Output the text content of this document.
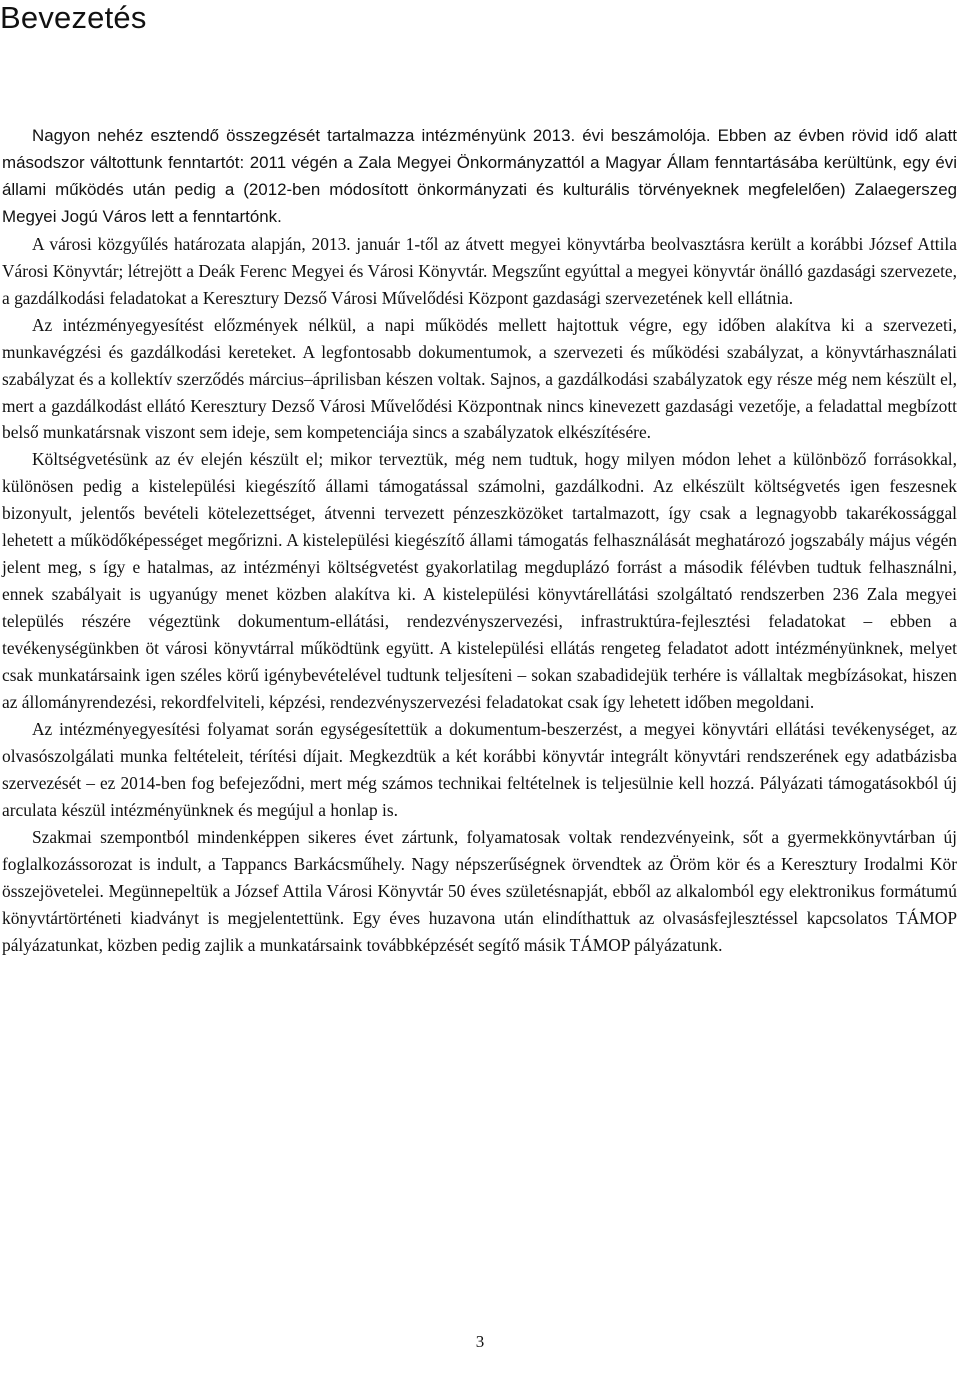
Bevezetés

Nagyon nehéz esztendő összegzését tartalmazza intézményünk 2013. évi beszámolója. Ebben az évben rövid idő alatt másodszor váltottunk fenntartót: 2011 végén a Zala Megyei Önkormányzattól a Magyar Állam fenntartásába kerültünk, egy évi állami működés után pedig a (2012-ben módosított önkormányzati és kulturális törvényeknek megfelelően) Zalaegerszeg Megyei Jogú Város lett a fenntartónk.

A városi közgyűlés határozata alapján, 2013. január 1-től az átvett megyei könyvtárba beolvasztásra került a korábbi József Attila Városi Könyvtár; létrejött a Deák Ferenc Megyei és Városi Könyvtár. Megszűnt egyúttal a megyei könyvtár önálló gazdasági szervezete, a gazdálkodási feladatokat a Keresztury Dezső Városi Művelődési Központ gazdasági szervezetének kell ellátnia.

Az intézményegyesítést előzmények nélkül, a napi működés mellett hajtottuk végre, egy időben alakítva ki a szervezeti, munkavégzési és gazdálkodási kereteket. A legfontosabb dokumentumok, a szervezeti és működési szabályzat, a könyvtárhasználati szabályzat és a kollektív szerződés március–áprilisban készen voltak. Sajnos, a gazdálkodási szabályzatok egy része még nem készült el, mert a gazdálkodást ellátó Keresztury Dezső Városi Művelődési Központnak nincs kinevezett gazdasági vezetője, a feladattal megbízott belső munkatársnak viszont sem ideje, sem kompetenciája sincs a szabályzatok elkészítésére.

Költségvetésünk az év elején készült el; mikor terveztük, még nem tudtuk, hogy milyen módon lehet a különböző forrásokkal, különösen pedig a kistelepülési kiegészítő állami támogatással számolni, gazdálkodni. Az elkészült költségvetés igen feszesnek bizonyult, jelentős bevételi kötelezettséget, átvenni tervezett pénzeszközöket tartalmazott, így csak a legnagyobb takarékossággal lehetett a működőképességet megőrizni. A kistelepülési kiegészítő állami támogatás felhasználását meghatározó jogszabály május végén jelent meg, s így e hatalmas, az intézményi költségvetést gyakorlatilag megduplázó forrást a második félévben tudtuk felhasználni, ennek szabályait is ugyanúgy menet közben alakítva ki. A kistelepülési könyvtárellátási szolgáltató rendszerben 236 Zala megyei település részére végeztünk dokumentum-ellátási, rendezvényszervezési, infrastruktúra-fejlesztési feladatokat – ebben a tevékenységünkben öt városi könyvtárral működtünk együtt. A kistelepülési ellátás rengeteg feladatot adott intézményünknek, melyet csak munkatársaink igen széles körű igénybevételével tudtunk teljesíteni – sokan szabadidejük terhére is vállaltak megbízásokat, hiszen az állományrendezési, rekordfelviteli, képzési, rendezvényszervezési feladatokat csak így lehetett időben megoldani.

Az intézményegyesítési folyamat során egységesítettük a dokumentum-beszerzést, a megyei könyvtári ellátási tevékenységet, az olvasószolgálati munka feltételeit, térítési díjait. Megkezdtük a két korábbi könyvtár integrált könyvtári rendszerének egy adatbázisba szervezését – ez 2014-ben fog befejeződni, mert még számos technikai feltételnek is teljesülnie kell hozzá. Pályázati támogatásokból új arculata készül intézményünknek és megújul a honlap is.

Szakmai szempontból mindenképpen sikeres évet zártunk, folyamatosak voltak rendezvényeink, sőt a gyermekkönyvtárban új foglalkozássorozat is indult, a Tappancs Barkácsműhely. Nagy népszerűségnek örvendtek az Öröm kör és a Keresztury Irodalmi Kör összejövetelei. Megünnepeltük a József Attila Városi Könyvtár 50 éves születésnapját, ebből az alkalomból egy elektronikus formátumú könyvtártörténeti kiadványt is megjelentettünk. Egy éves huzavona után elindíthattuk az olvasásfejlesztéssel kapcsolatos TÁMOP pályázatunkat, közben pedig zajlik a munkatársaink továbbképzését segítő másik TÁMOP pályázatunk.

3
